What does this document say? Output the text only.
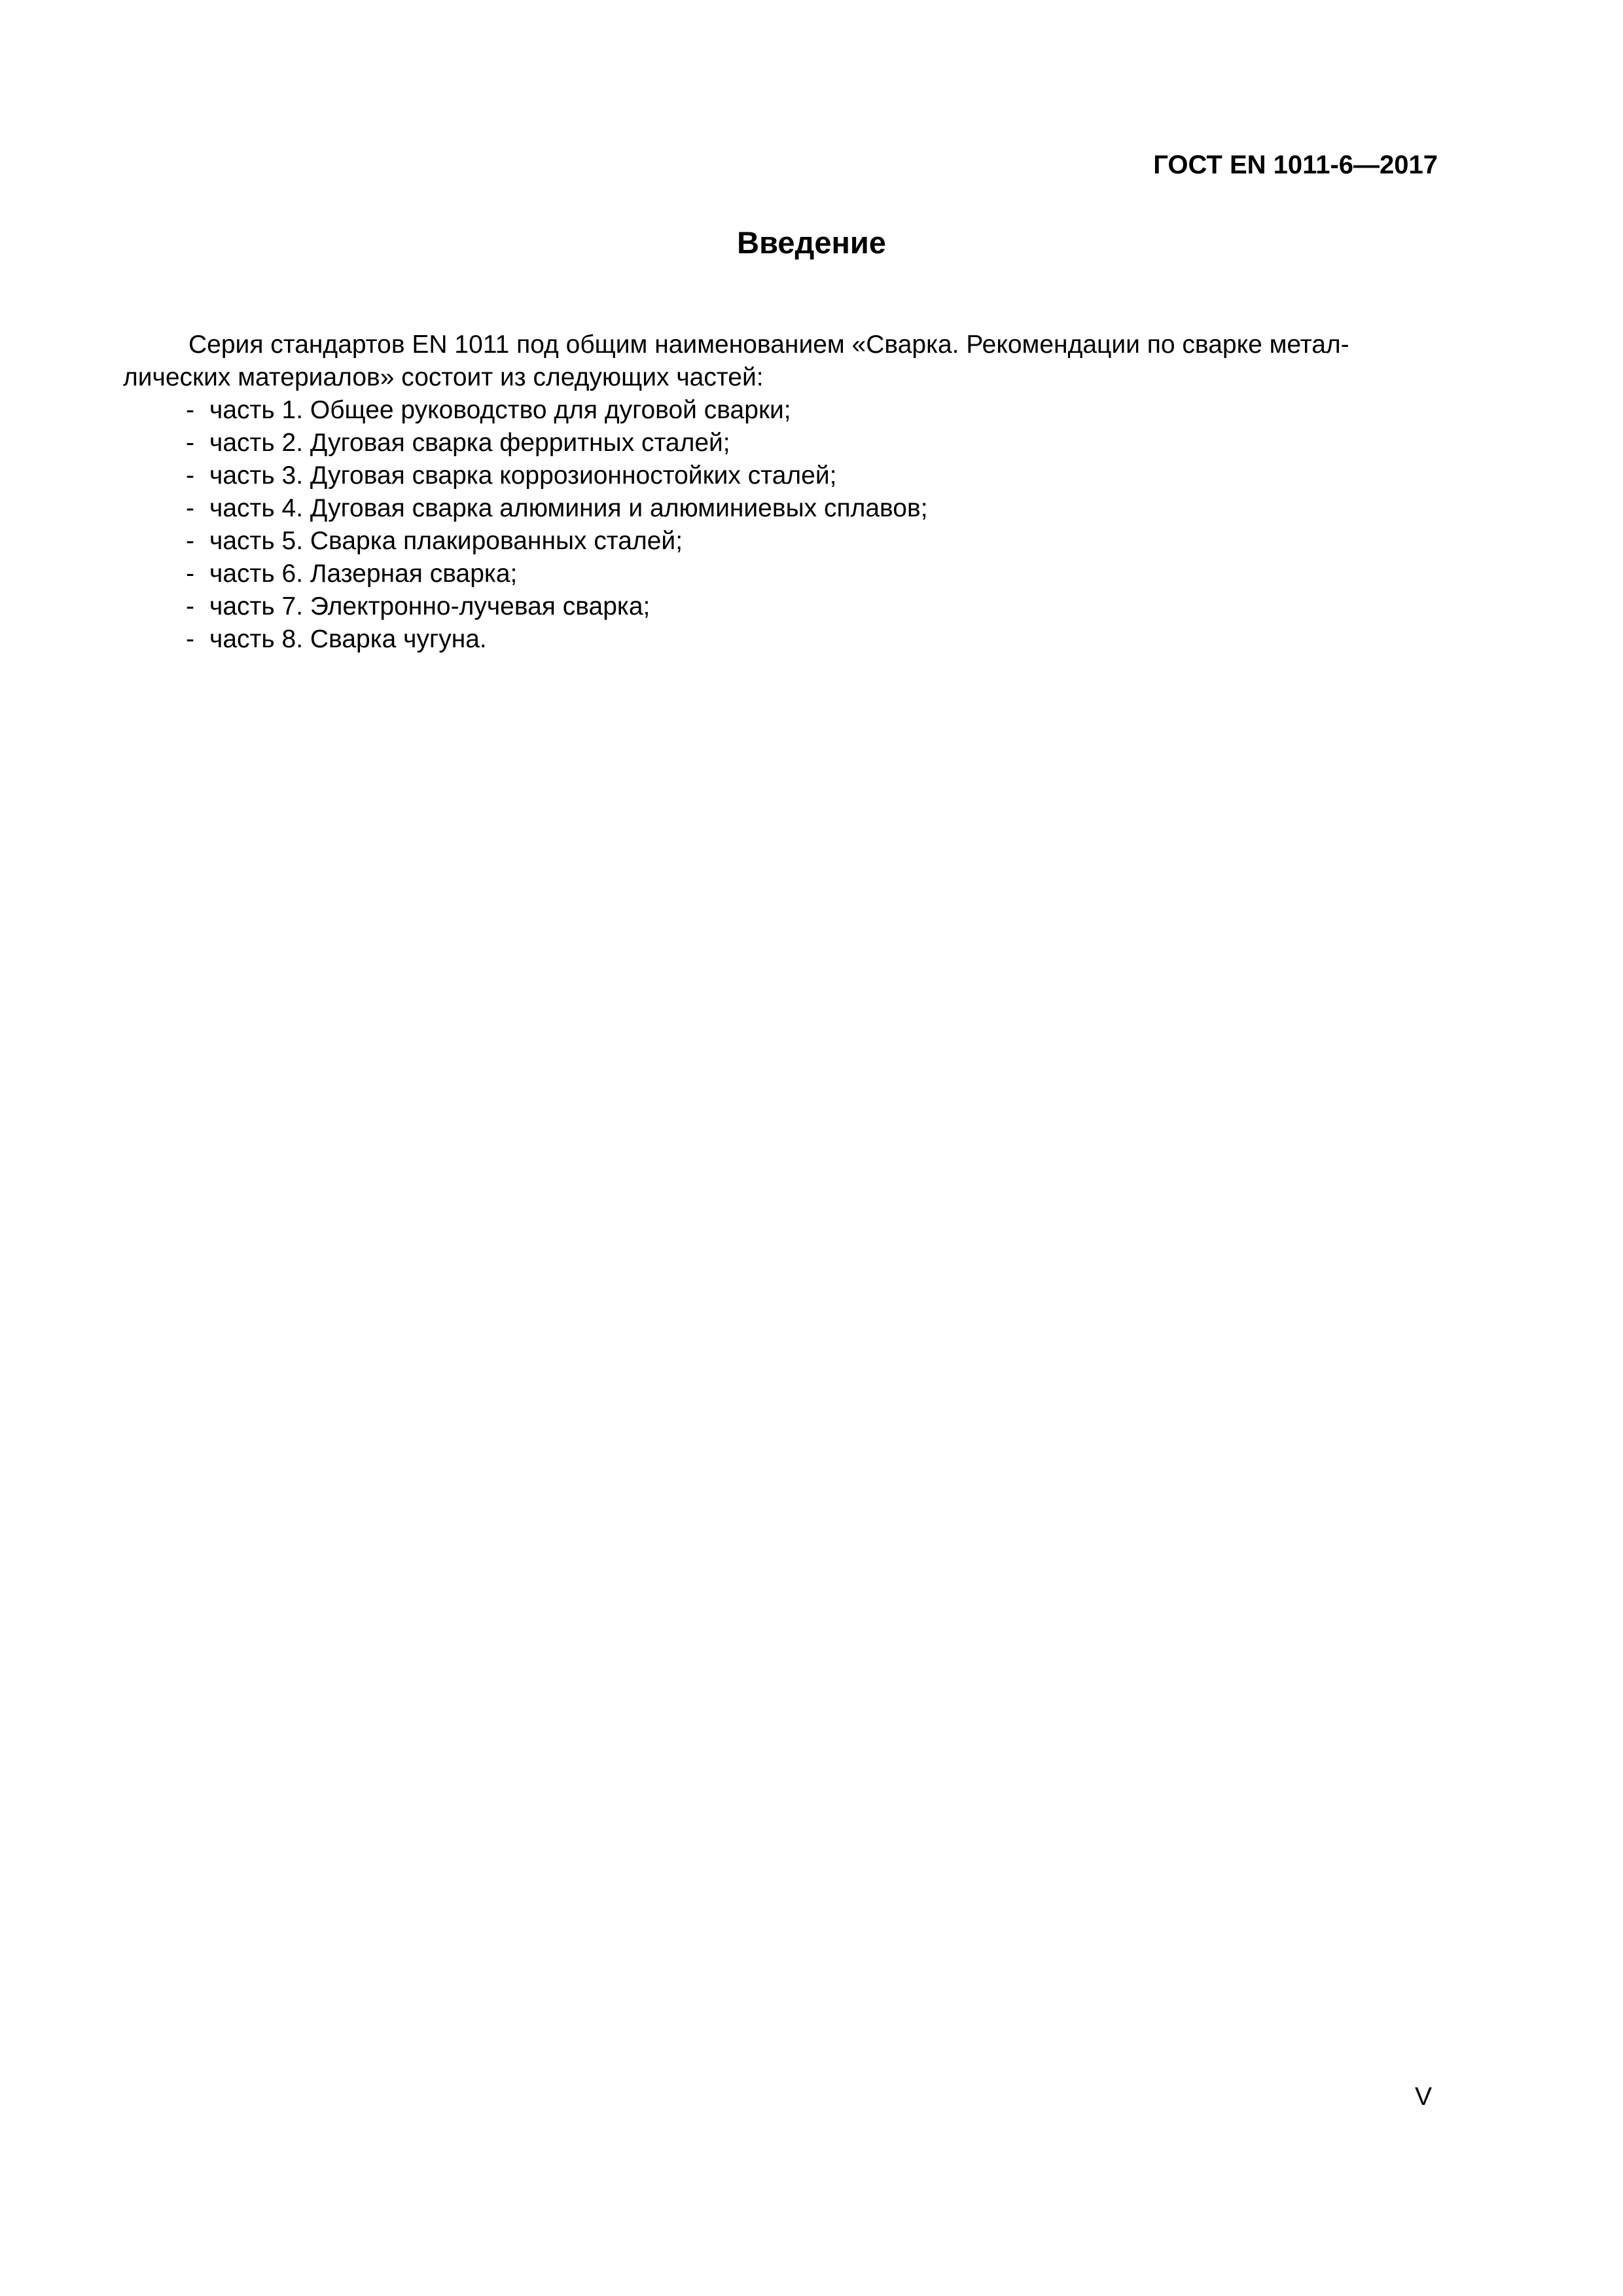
ГОСТ EN 1011-6—2017
Введение

Серия стандартов EN 1011 под общим наименованием «Сварка. Рекомендации по сварке метал-
лических материалов» состоит из следующих частей:

- часть 1. Общее руководство для дуговой сварки;
- часть 2. Дуговая сварка ферритных сталей;
- часть 3. Дуговая сварка коррозионностойких сталей;
- часть 4. Дуговая сварка алюминия и алюминиевых сплавов;
- часть 5. Сварка плакированных сталей;
- часть 6. Лазерная сварка;
- часть 7. Электронно-лучевая сварка;
- часть 8. Сварка чугуна.
V
